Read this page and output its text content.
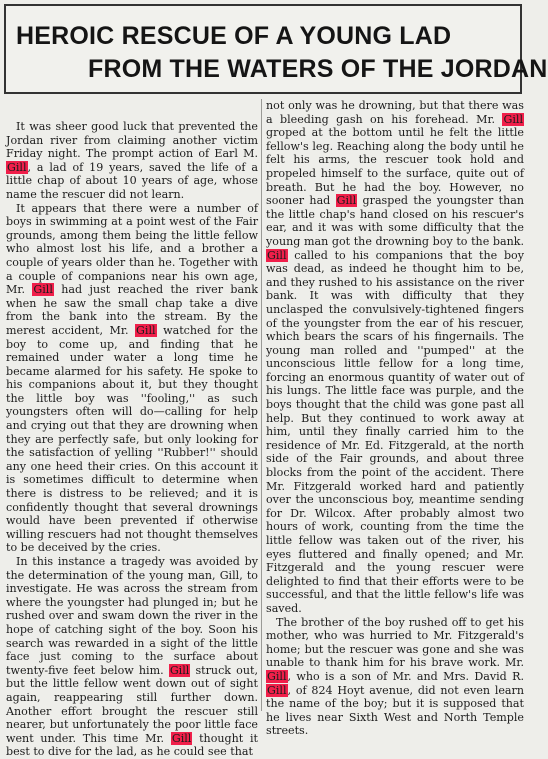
HEROIC RESCUE OF A YOUNG LAD
FROM THE WATERS OF THE JORDAN

It was sheer good luck that prevented the Jordan river from claiming another victim Friday night. The prompt action of Earl M. Gill, a lad of 19 years, saved the life of a little chap of about 10 years of age, whose name the rescuer did not learn.

It appears that there were a number of boys in swimming at a point west of the Fair grounds, among them being the little fellow who almost lost his life, and a brother a couple of years older than he. Together with a couple of companions near his own age, Mr. Gill had just reached the river bank when he saw the small chap take a dive from the bank into the stream. By the merest accident, Mr. Gill watched for the boy to come up, and finding that he remained under water a long time he became alarmed for his safety. He spoke to his companions about it, but they thought the little boy was ''fooling,'' as such youngsters often will do—calling for help and crying out that they are drowning when they are perfectly safe, but only looking for the satisfaction of yelling ''Rubber!'' should any one heed their cries. On this account it is sometimes difficult to determine when there is distress to be relieved; and it is confidently thought that several drownings would have been prevented if otherwise willing rescuers had not thought themselves to be deceived by the cries.

In this instance a tragedy was avoided by the determination of the young man, Gill, to investigate. He was across the stream from where the youngster had plunged in; but he rushed over and swam down the river in the hope of catching sight of the boy. Soon his search was rewarded in a sight of the little face just coming to the surface about twenty-five feet below him. Gill struck out, but the little fellow went down out of sight again, reappearing still further down. Another effort brought the rescuer still nearer, but unfortunately the poor little face went under. This time Mr. Gill thought it best to dive for the lad, as he could see that

not only was he drowning, but that there was a bleeding gash on his forehead. Mr. Gill groped at the bottom until he felt the little fellow's leg. Reaching along the body until he felt his arms, the rescuer took hold and propeled himself to the surface, quite out of breath. But he had the boy. However, no sooner had Gill grasped the youngster than the little chap's hand closed on his rescuer's ear, and it was with some difficulty that the young man got the drowning boy to the bank. Gill called to his companions that the boy was dead, as indeed he thought him to be, and they rushed to his assistance on the river bank. It was with difficulty that they unclasped the convulsively-tightened fingers of the youngster from the ear of his rescuer, which bears the scars of his fingernails. The young man rolled and ''pumped'' at the unconscious little fellow for a long time, forcing an enormous quantity of water out of his lungs. The little face was purple, and the boys thought that the child was gone past all help. But they continued to work away at him, until they finally carried him to the residence of Mr. Ed. Fitzgerald, at the north side of the Fair grounds, and about three blocks from the point of the accident. There Mr. Fitzgerald worked hard and patiently over the unconscious boy, meantime sending for Dr. Wilcox. After probably almost two hours of work, counting from the time the little fellow was taken out of the river, his eyes fluttered and finally opened; and Mr. Fitzgerald and the young rescuer were delighted to find that their efforts were to be successful, and that the little fellow's life was saved.

The brother of the boy rushed off to get his mother, who was hurried to Mr. Fitzgerald's home; but the rescuer was gone and she was unable to thank him for his brave work. Mr. Gill, who is a son of Mr. and Mrs. David R. Gill, of 824 Hoyt avenue, did not even learn the name of the boy; but it is supposed that he lives near Sixth West and North Temple streets.
